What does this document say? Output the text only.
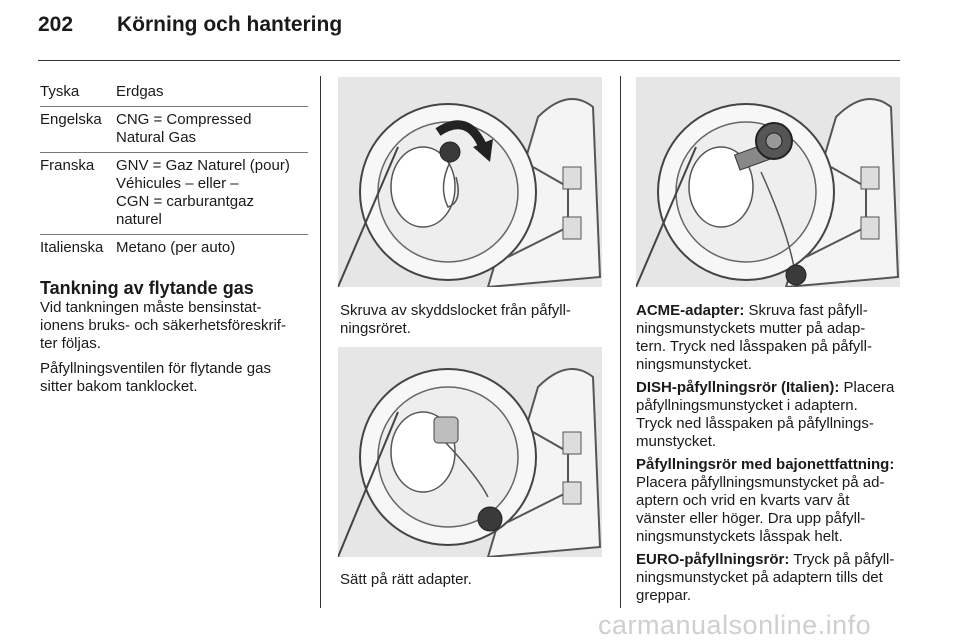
202 Körning och hantering
Tyska	Erdgas
Engelska CNG = Compressed
Natural Gas
Franska	GNV = Gaz Naturel (pour)
Véhicules – eller –
CGN = carburantgaz
naturel
Italienska Metano (per auto)
Tankning av flytande gas
Vid tankningen måste bensinstat-
ionens bruks- och säkerhetsföreskrif-
ter följas.
Påfyllningsventilen för flytande gas
sitter bakom tanklocket.
Skruva av skyddslocket från påfyll-
ningsröret.
Sätt på rätt adapter.
ACME-adapter: Skruva fast påfyll-
ningsmunstyckets mutter på adap-
tern. Tryck ned låsspaken på påfyll-
ningsmunstycket.
DISH-påfyllningsrör (Italien): Placera
påfyllningsmunstycket i adaptern.
Tryck ned låsspaken på påfyllnings-
munstycket.
Påfyllningsrör med bajonettfattning:
Placera påfyllningsmunstycket på ad-
aptern och vrid en kvarts varv åt
vänster eller höger. Dra upp påfyll-
ningsmunstyckets låsspak helt.
EURO-påfyllningsrör: Tryck på påfyll-
ningsmunstycket på adaptern tills det
greppar.
carmanualsonline.info
